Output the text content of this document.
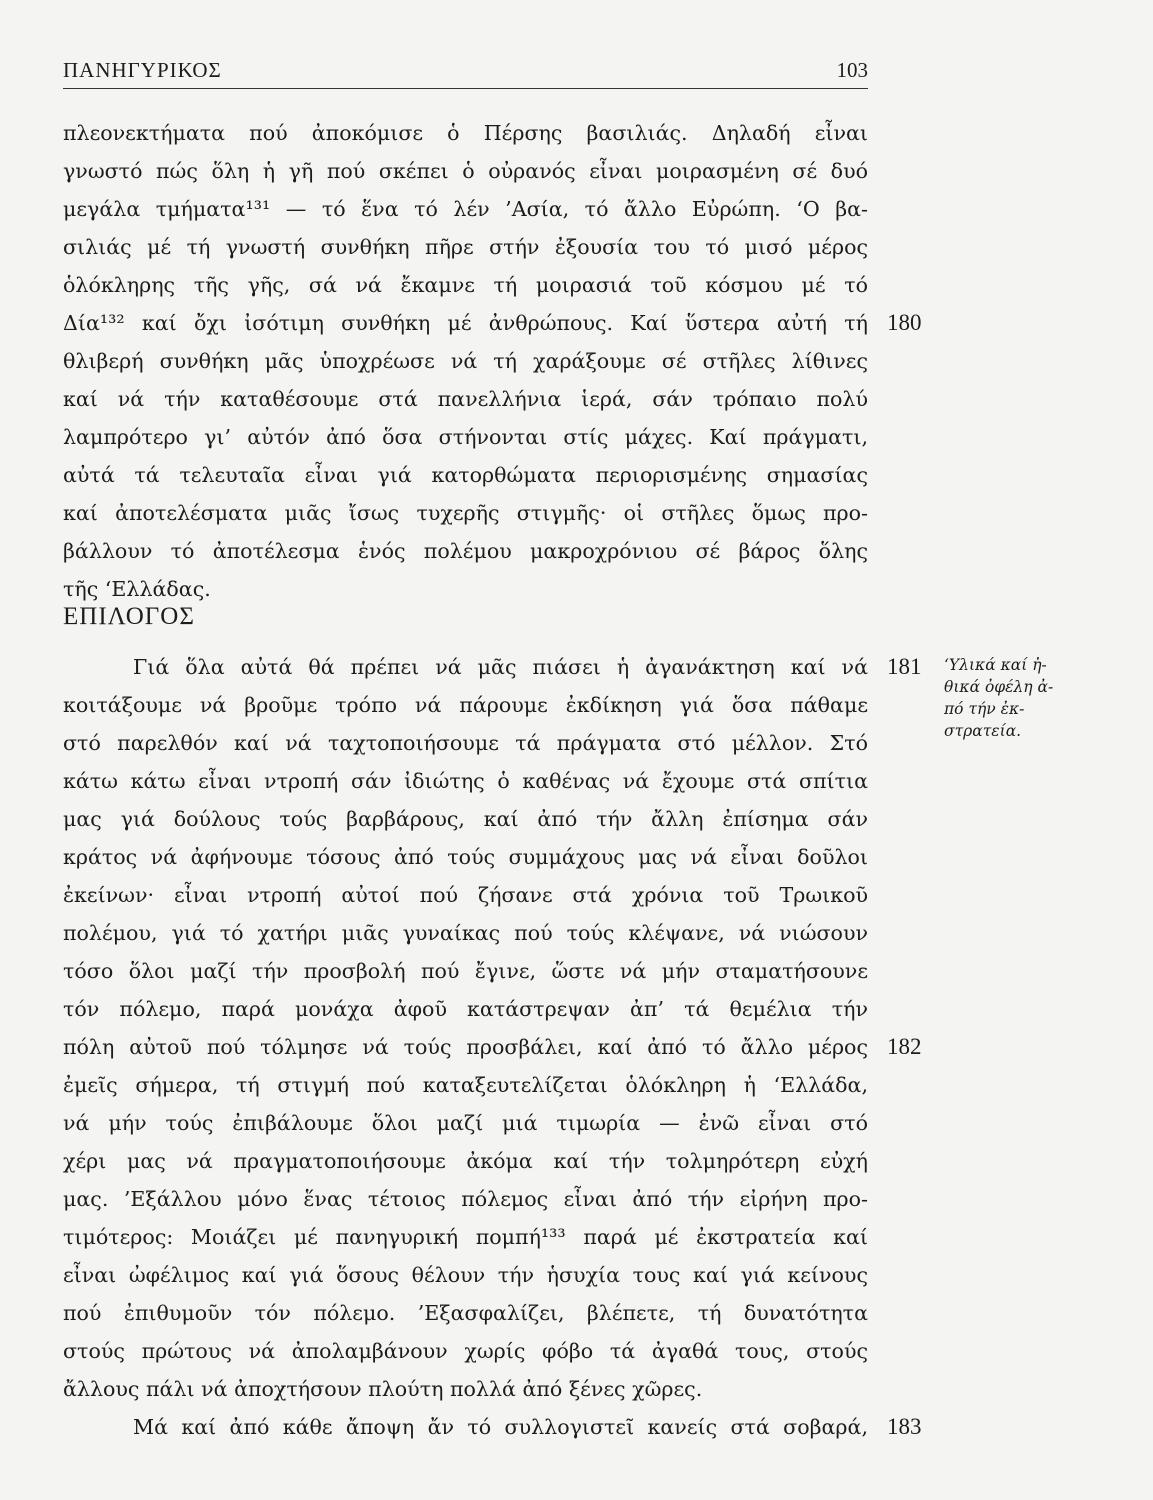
ΠΑΝΗΓΥΡΙΚΟΣ	103
πλεονεκτήματα πού ἀποκόμισε ὁ Πέρσης βασιλιάς. Δηλαδή εἶναι
γνωστό πώς ὅλη ἡ γῆ πού σκέπει ὁ οὐρανός εἶναι μοιρασμένη σέ δυό
μεγάλα τμήματα¹³¹ — τό ἕνα τό λέν ’Ασία, τό ἄλλο Εὐρώπη. ‘Ο βα-
σιλιάς μέ τή γνωστή συνθήκη πῆρε στήν ἐξουσία του τό μισό μέρος
ὁλόκληρης τῆς γῆς, σά νά ἔκαμνε τή μοιρασιά τοῦ κόσμου μέ τό
Δία¹³² καί ὄχι ἰσότιμη συνθήκη μέ ἀνθρώπους. Καί ὕστερα αὐτή τή
θλιβερή συνθήκη μᾶς ὑποχρέωσε νά τή χαράξουμε σέ στῆλες λίθινες
καί νά τήν καταθέσουμε στά πανελλήνια ἱερά, σάν τρόπαιο πολύ
λαμπρότερο γι’ αὐτόν ἀπό ὅσα στήνονται στίς μάχες. Καί πράγματι,
αὐτά τά τελευταῖα εἶναι γιά κατορθώματα περιορισμένης σημασίας
καί ἀποτελέσματα μιᾶς ἴσως τυχερῆς στιγμῆς· οἱ στῆλες ὅμως προ-
βάλλουν τό ἀποτέλεσμα ἑνός πολέμου μακροχρόνιου σέ βάρος ὅλης
τῆς ‘Ελλάδας.
ΕΠΙΛΟΓΟΣ
Γιά ὅλα αὐτά θά πρέπει νά μᾶς πιάσει ἡ ἀγανάκτηση καί νά
κοιτάξουμε νά βροῦμε τρόπο νά πάρουμε ἐκδίκηση γιά ὅσα πάθαμε
στό παρελθόν καί νά ταχτοποιήσουμε τά πράγματα στό μέλλον. Στό
κάτω κάτω εἶναι ντροπή σάν ἰδιώτης ὁ καθένας νά ἔχουμε στά σπίτια
μας γιά δούλους τούς βαρβάρους, καί ἀπό τήν ἄλλη ἐπίσημα σάν
κράτος νά ἀφήνουμε τόσους ἀπό τούς συμμάχους μας νά εἶναι δοῦλοι
ἐκείνων· εἶναι ντροπή αὐτοί πού ζήσανε στά χρόνια τοῦ Τρωικοῦ
πολέμου, γιά τό χατήρι μιᾶς γυναίκας πού τούς κλέψανε, νά νιώσουν
τόσο ὅλοι μαζί τήν προσβολή πού ἔγινε, ὥστε νά μήν σταματήσουνε
τόν πόλεμο, παρά μονάχα ἀφοῦ κατάστρεψαν ἀπ’ τά θεμέλια τήν
πόλη αὐτοῦ πού τόλμησε νά τούς προσβάλει, καί ἀπό τό ἄλλο μέρος
ἐμεῖς σήμερα, τή στιγμή πού καταξευτελίζεται ὁλόκληρη ἡ ‘Ελλάδα,
νά μήν τούς ἐπιβάλουμε ὅλοι μαζί μιά τιμωρία — ἐνῶ εἶναι στό
χέρι μας νά πραγματοποιήσουμε ἀκόμα καί τήν τολμηρότερη εὐχή
μας. ’Εξάλλου μόνο ἕνας τέτοιος πόλεμος εἶναι ἀπό τήν εἰρήνη προ-
τιμότερος: Μοιάζει μέ πανηγυρική πομπή¹³³ παρά μέ ἐκστρατεία καί
εἶναι ὠφέλιμος καί γιά ὅσους θέλουν τήν ἡσυχία τους καί γιά κείνους
πού ἐπιθυμοῦν τόν πόλεμο. ’Εξασφαλίζει, βλέπετε, τή δυνατότητα
στούς πρώτους νά ἀπολαμβάνουν χωρίς φόβο τά ἀγαθά τους, στούς
ἄλλους πάλι νά ἀποχτήσουν πλούτη πολλά ἀπό ξένες χῶρες.
Μά καί ἀπό κάθε ἄποψη ἄν τό συλλογιστεῖ κανείς στά σοβαρά,
180
181
182
183
‘Υλικά καί ἠ-
θικά ὀφέλη ἀ-
πό τήν ἐκ-
στρατεία.
